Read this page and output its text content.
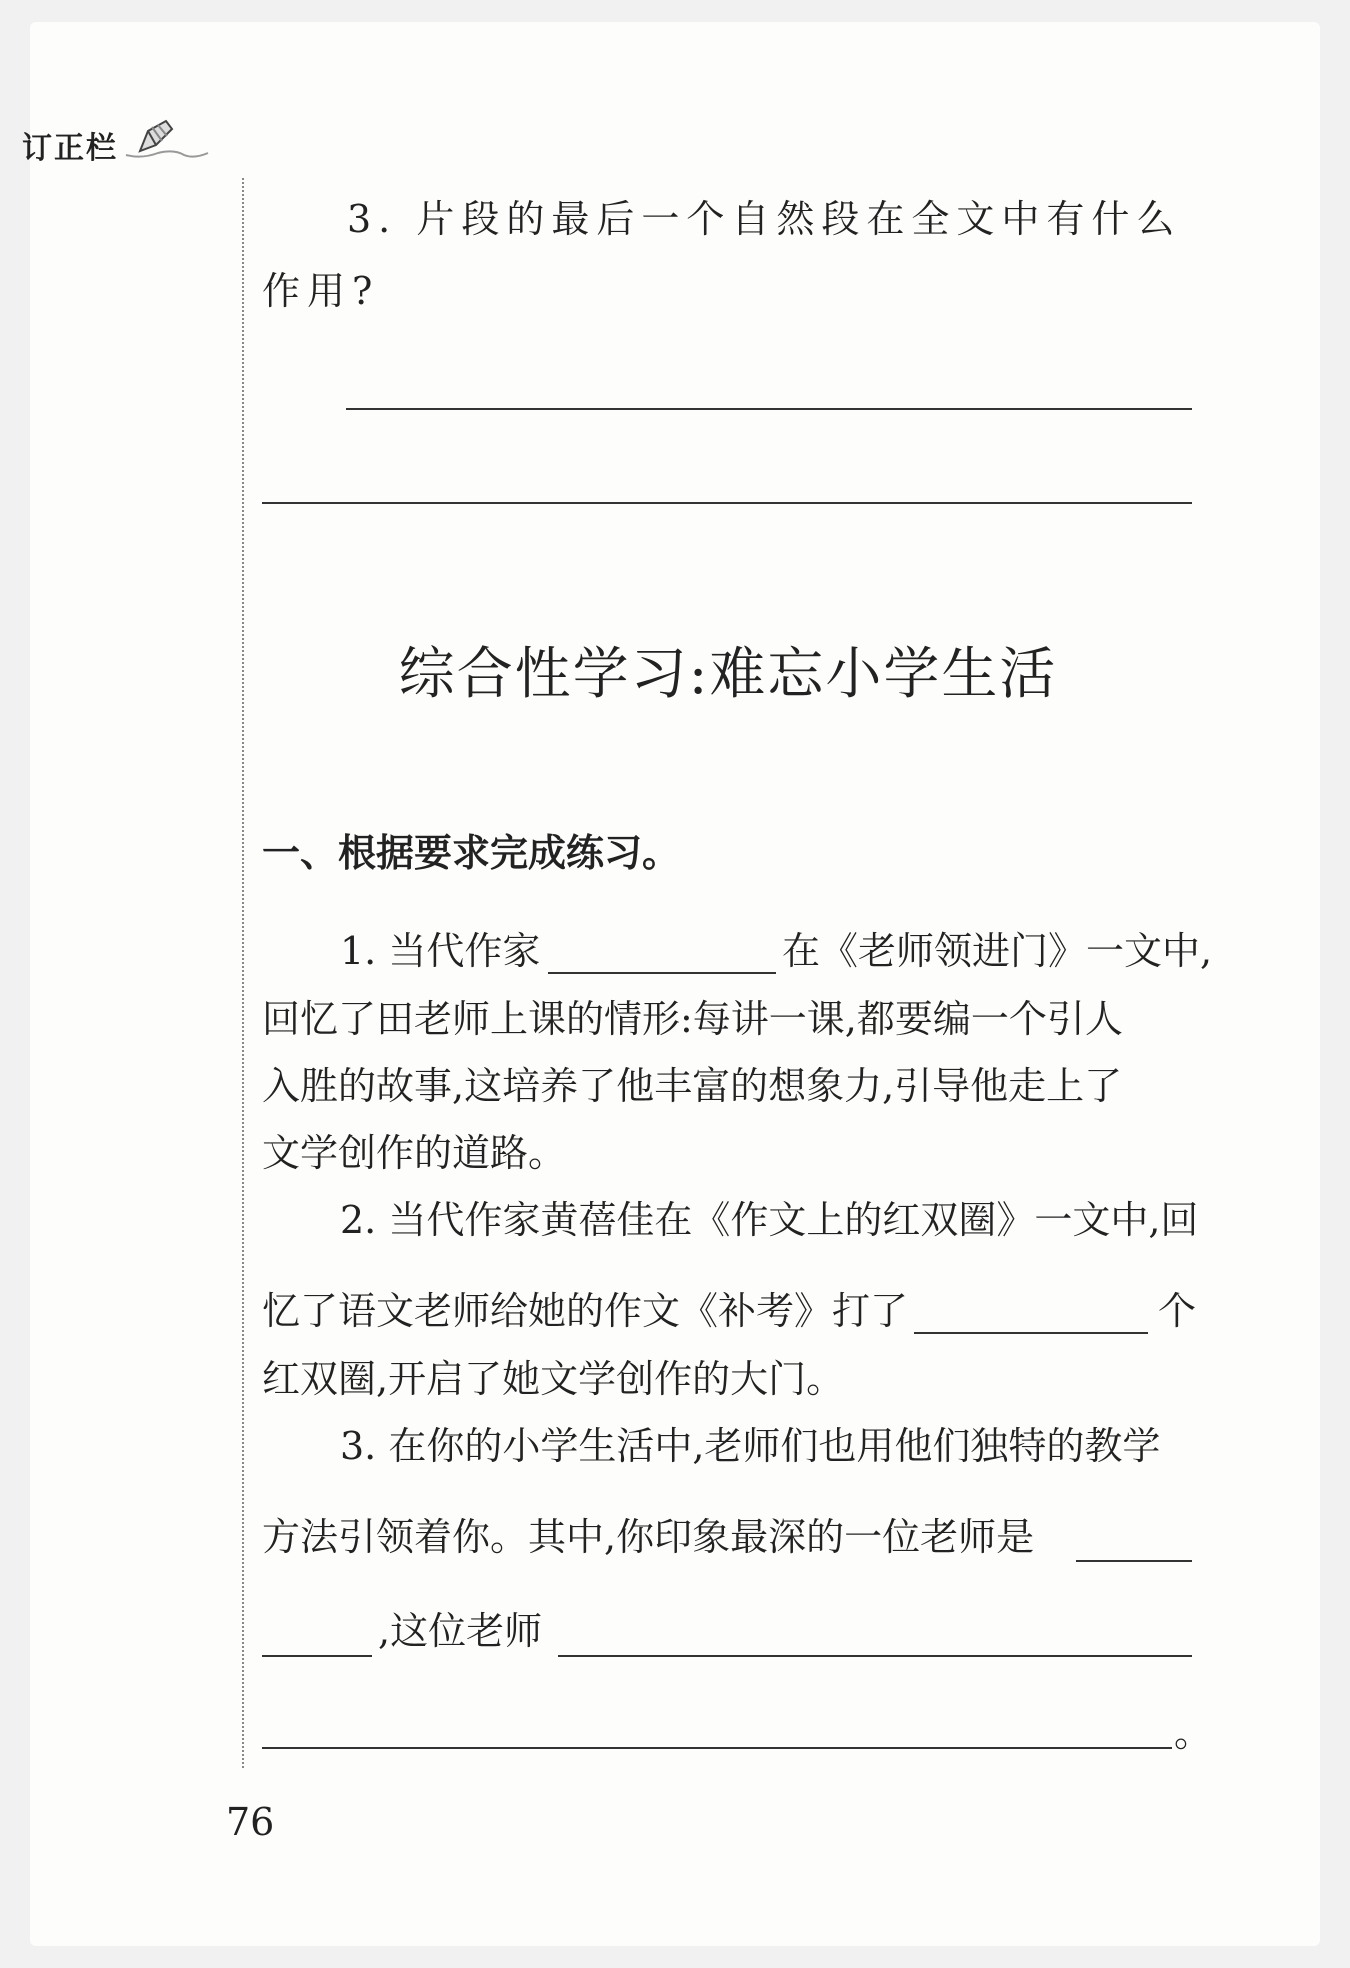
订正栏
3. 片段的最后一个自然段在全文中有什么
作用?
综合性学习:难忘小学生活
一、根据要求完成练习。
1. 当代作家	在《老师领进门》一文中,
回忆了田老师上课的情形:每讲一课,都要编一个引人
入胜的故事,这培养了他丰富的想象力,引导他走上了
文学创作的道路。
2. 当代作家黄蓓佳在《作文上的红双圈》一文中,回
忆了语文老师给她的作文《补考》打了	个
红双圈,开启了她文学创作的大门。
3. 在你的小学生活中,老师们也用他们独特的教学
方法引领着你。其中,你印象最深的一位老师是
,这位老师
。
76
